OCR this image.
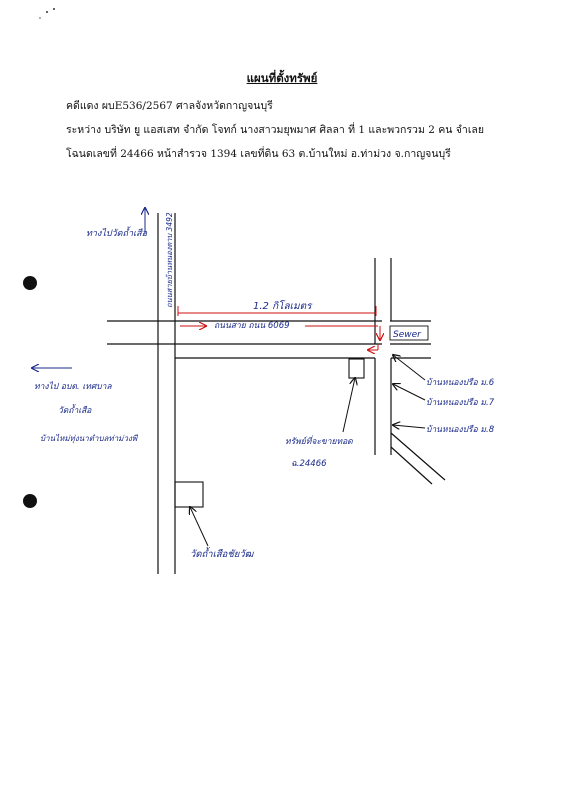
แผนที่ตั้งทรัพย์
คดีแดง ผบE536/2567 ศาลจังหวัดกาญจนบุรี
ระหว่าง บริษัท ยู แอสเสท จำกัด โจทก์ นางสาวมยุพมาศ ศิลลา ที่ 1 และพวกรวม 2 คน จำเลย
โฉนดเลขที่ 24466 หน้าสำรวจ 1394 เลขที่ดิน 63 ต.บ้านใหม่ อ.ท่าม่วง จ.กาญจนบุรี
ทางไปวัดถ้ำเสือ ถนนสายบ้านหนองตาบ 3492	1.2 กิโลเมตร
ถนนสาย ถนน 6069
Sewer
ทางไป อบต. เทศบาล
วัดถ้ำเสือ
บ้านไหม่ทุ่งนาตำบลท่าม่วงพี
บ้านหนองปรือ ม.6
บ้านหนองปรือ ม.7
บ้านหนองปรือ ม.8
ทรัพย์ที่จะขายทอด
ฉ.24466
วัดถ้ำเสือชัยวัฒ
